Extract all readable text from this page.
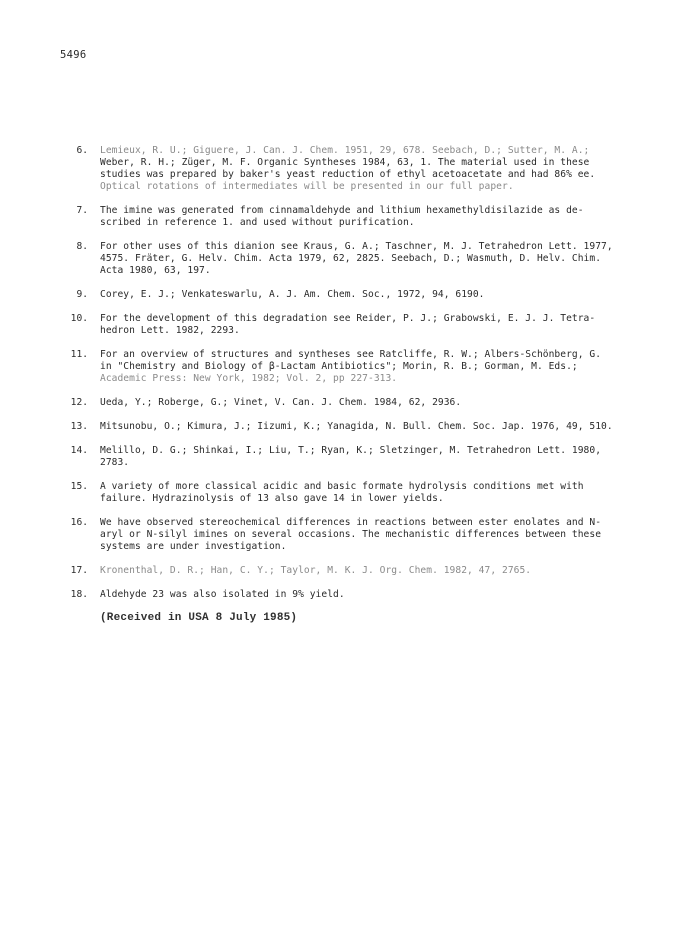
5496
6.	Lemieux, R. U.; Giguere, J. Can. J. Chem. 1951, 29, 678. Seebach, D.; Sutter, M. A.;
Weber, R. H.; Züger, M. F. Organic Syntheses 1984, 63, 1. The material used in these
studies was prepared by baker's yeast reduction of ethyl acetoacetate and had 86% ee.
Optical rotations of intermediates will be presented in our full paper.
7.	The imine was generated from cinnamaldehyde and lithium hexamethyldisilazide as de-
scribed in reference 1. and used without purification.
8.	For other uses of this dianion see Kraus, G. A.; Taschner, M. J. Tetrahedron Lett. 1977,
4575. Fräter, G. Helv. Chim. Acta 1979, 62, 2825. Seebach, D.; Wasmuth, D. Helv. Chim.
Acta 1980, 63, 197.
9.	Corey, E. J.; Venkateswarlu, A. J. Am. Chem. Soc., 1972, 94, 6190.
10.	For the development of this degradation see Reider, P. J.; Grabowski, E. J. J. Tetra-
hedron Lett. 1982, 2293.
11.	For an overview of structures and syntheses see Ratcliffe, R. W.; Albers-Schönberg, G.
in "Chemistry and Biology of β-Lactam Antibiotics"; Morin, R. B.; Gorman, M. Eds.;
Academic Press: New York, 1982; Vol. 2, pp 227-313.
12.	Ueda, Y.; Roberge, G.; Vinet, V. Can. J. Chem. 1984, 62, 2936.
13.	Mitsunobu, O.; Kimura, J.; Iizumi, K.; Yanagida, N. Bull. Chem. Soc. Jap. 1976, 49, 510.
14.	Melillo, D. G.; Shinkai, I.; Liu, T.; Ryan, K.; Sletzinger, M. Tetrahedron Lett. 1980,
2783.
15.	A variety of more classical acidic and basic formate hydrolysis conditions met with
failure. Hydrazinolysis of 13 also gave 14 in lower yields.
16.	We have observed stereochemical differences in reactions between ester enolates and N-
aryl or N-silyl imines on several occasions. The mechanistic differences between these
systems are under investigation.
17.	Kronenthal, D. R.; Han, C. Y.; Taylor, M. K. J. Org. Chem. 1982, 47, 2765.
18.	Aldehyde 23 was also isolated in 9% yield.
(Received in USA 8 July 1985)
